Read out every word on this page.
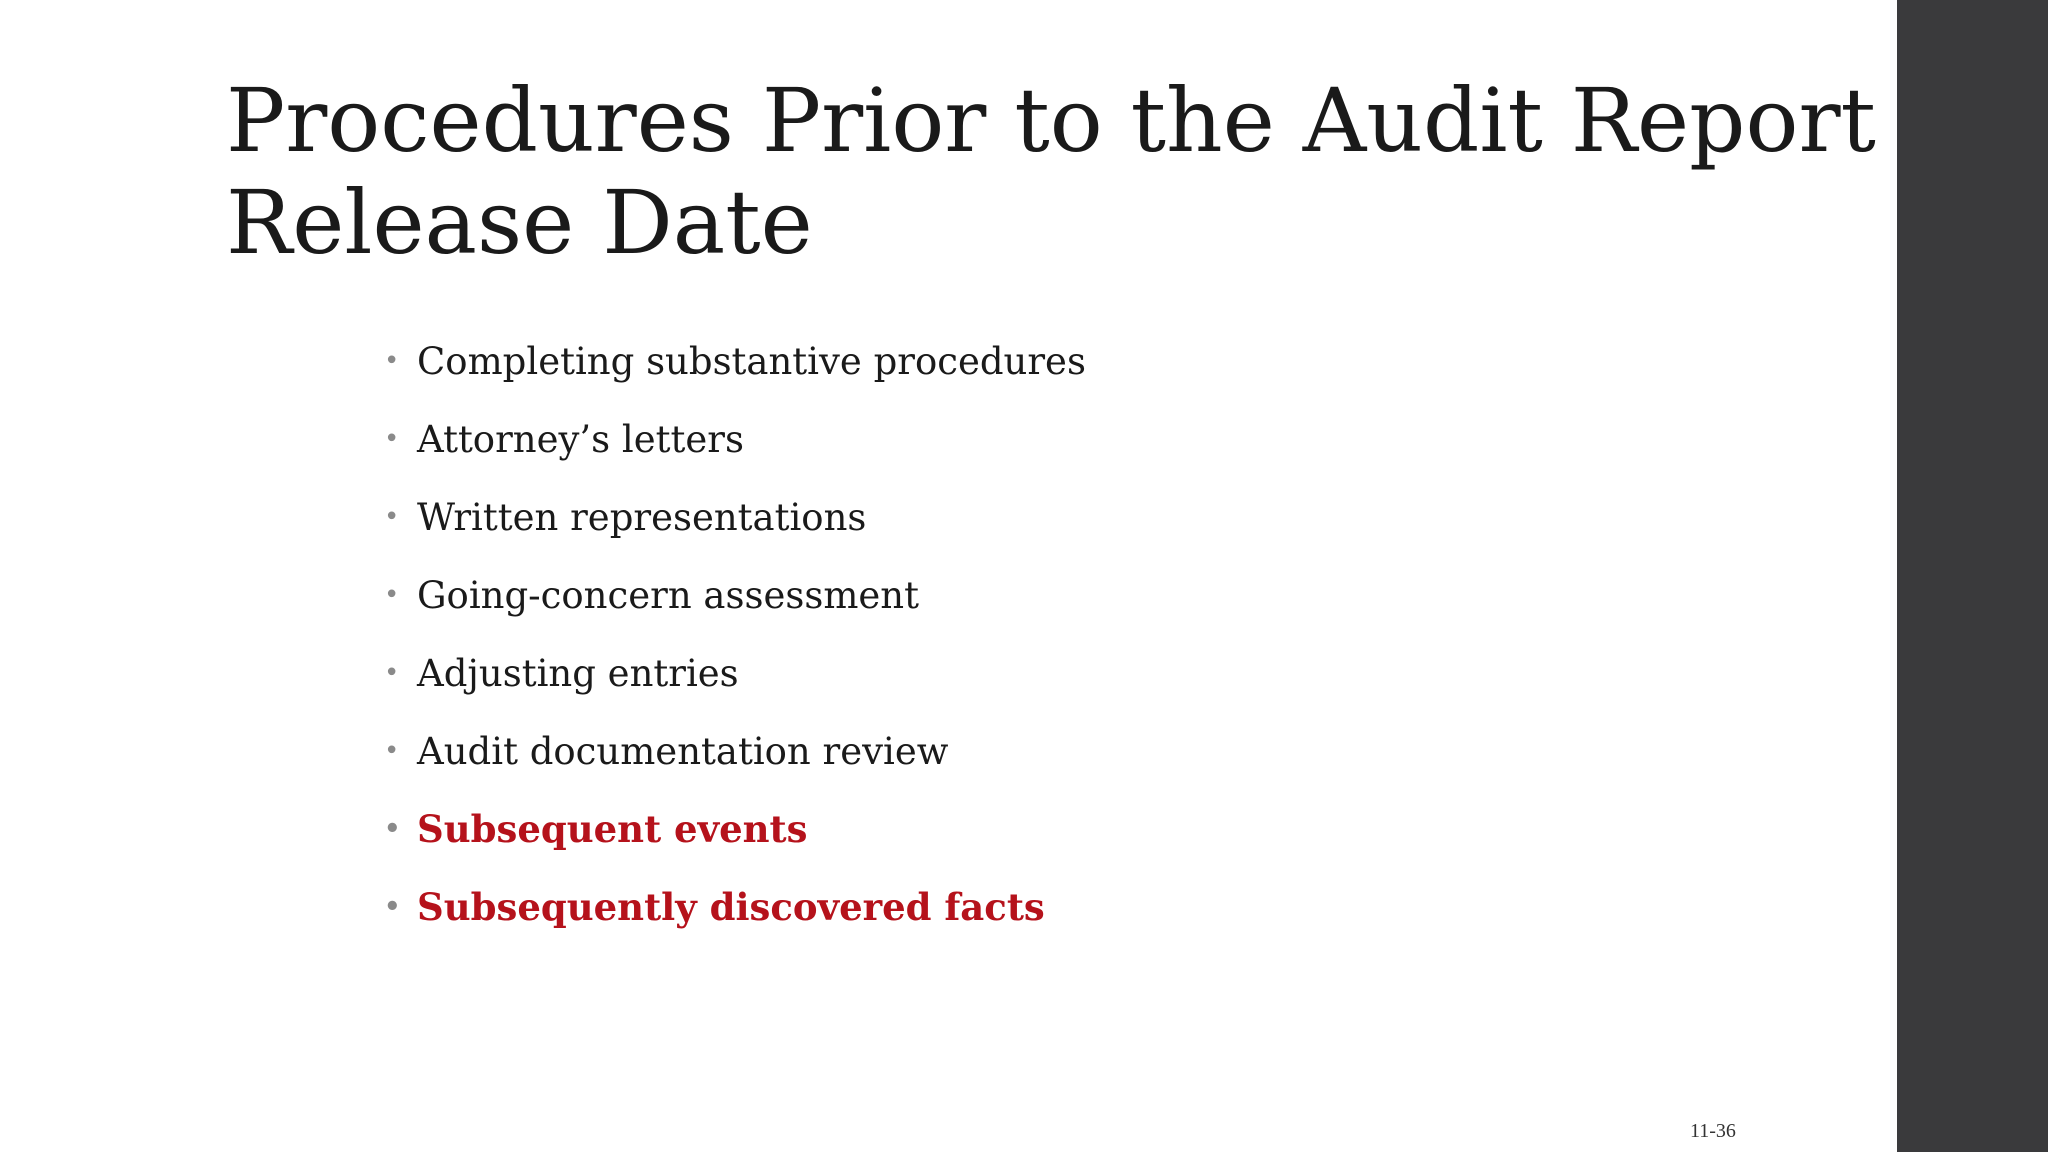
Procedures Prior to the Audit Report
Release Date
• Completing substantive procedures
• Attorney’s letters
• Written representations
• Going-concern assessment
• Adjusting entries
• Audit documentation review
• Subsequent events
• Subsequently discovered facts
11-36
